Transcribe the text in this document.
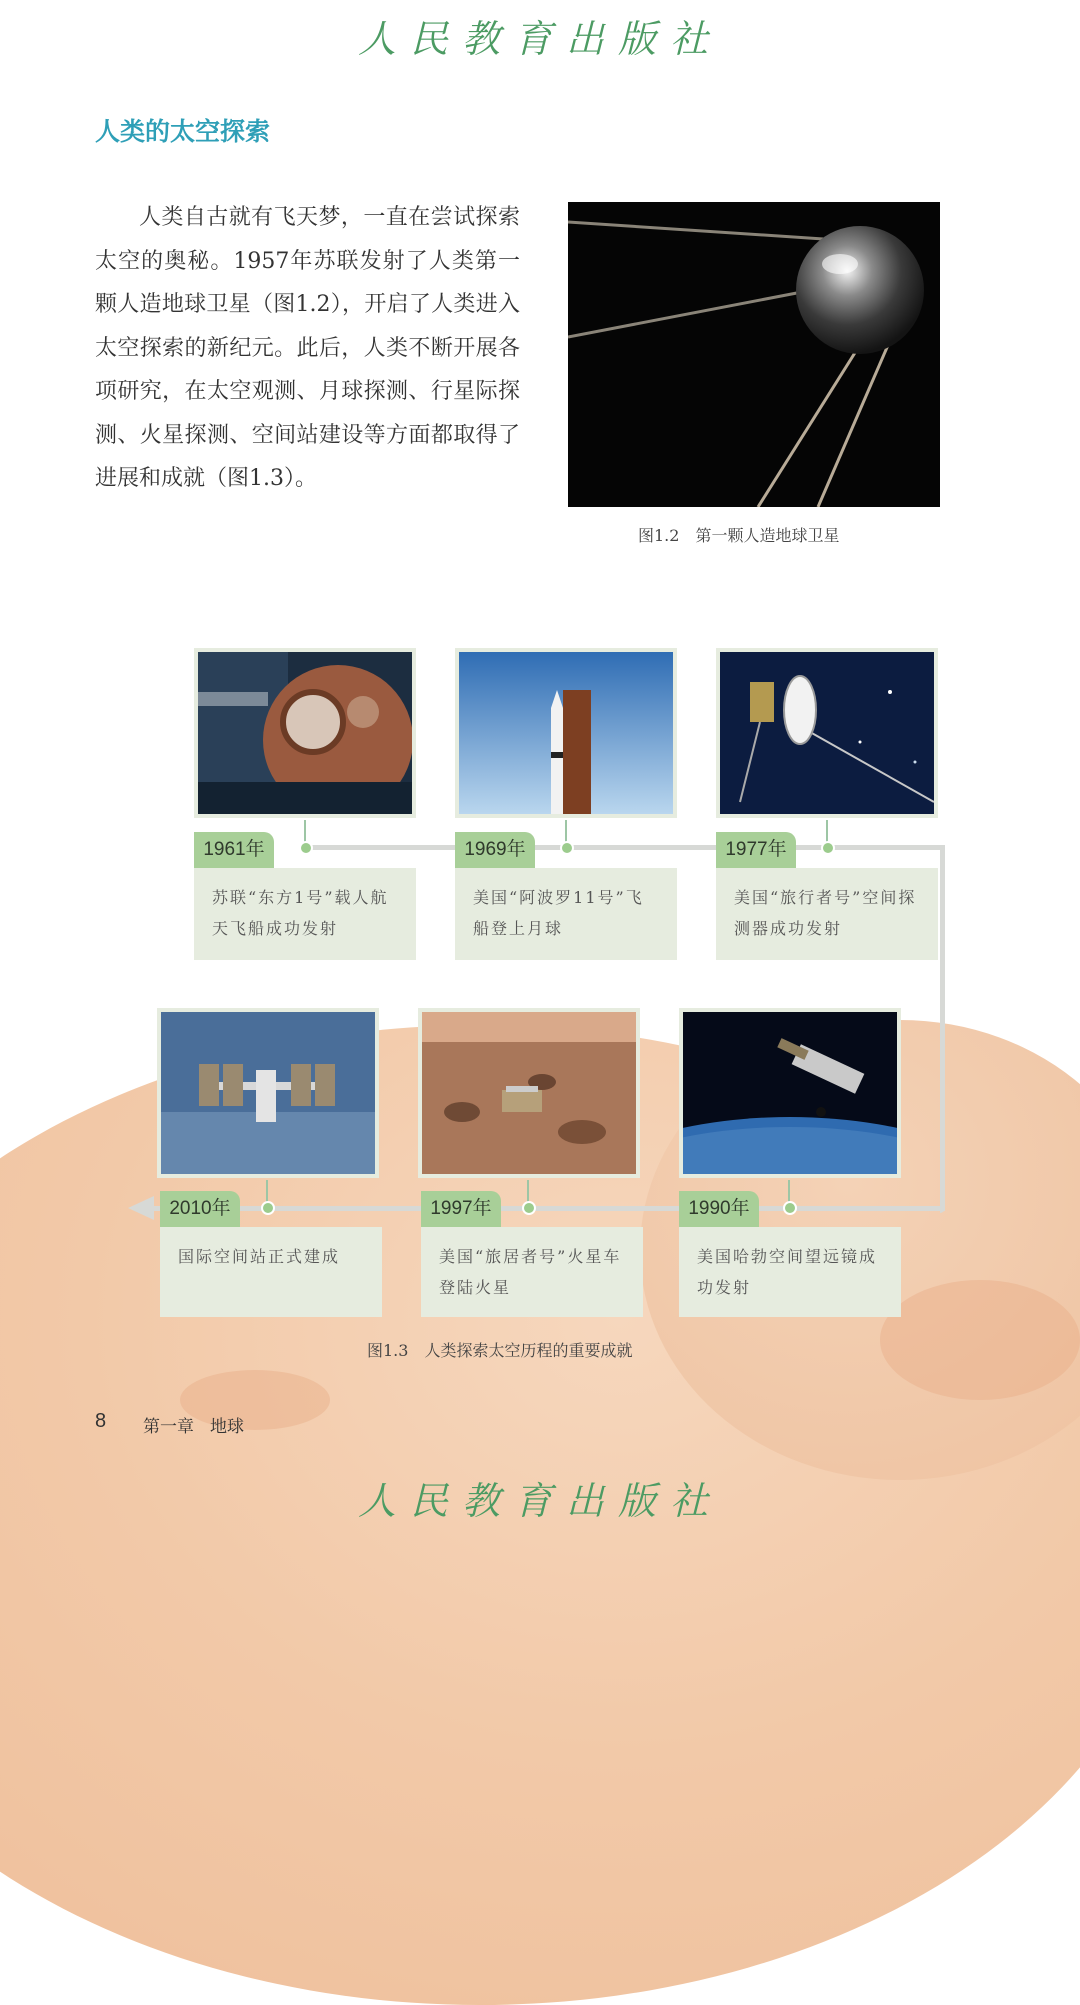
人民教育出版社
人类的太空探索

人类自古就有飞天梦，一直在尝试探索太空的奥秘。1957年苏联发射了人类第一颗人造地球卫星（图1.2），开启了人类进入太空探索的新纪元。此后，人类不断开展各项研究，在太空观测、月球探测、行星际探测、火星探测、空间站建设等方面都取得了进展和成就（图1.3）。

图1.2　第一颗人造地球卫星
1961年
苏联“东方1号”载人航天飞船成功发射
1969年
美国“阿波罗11号”飞船登上月球
1977年
美国“旅行者号”空间探测器成功发射
2010年
国际空间站正式建成
1997年
美国“旅居者号”火星车登陆火星
1990年
美国哈勃空间望远镜成功发射
图1.3　人类探索太空历程的重要成就
8 第一章 地球
人民教育出版社
